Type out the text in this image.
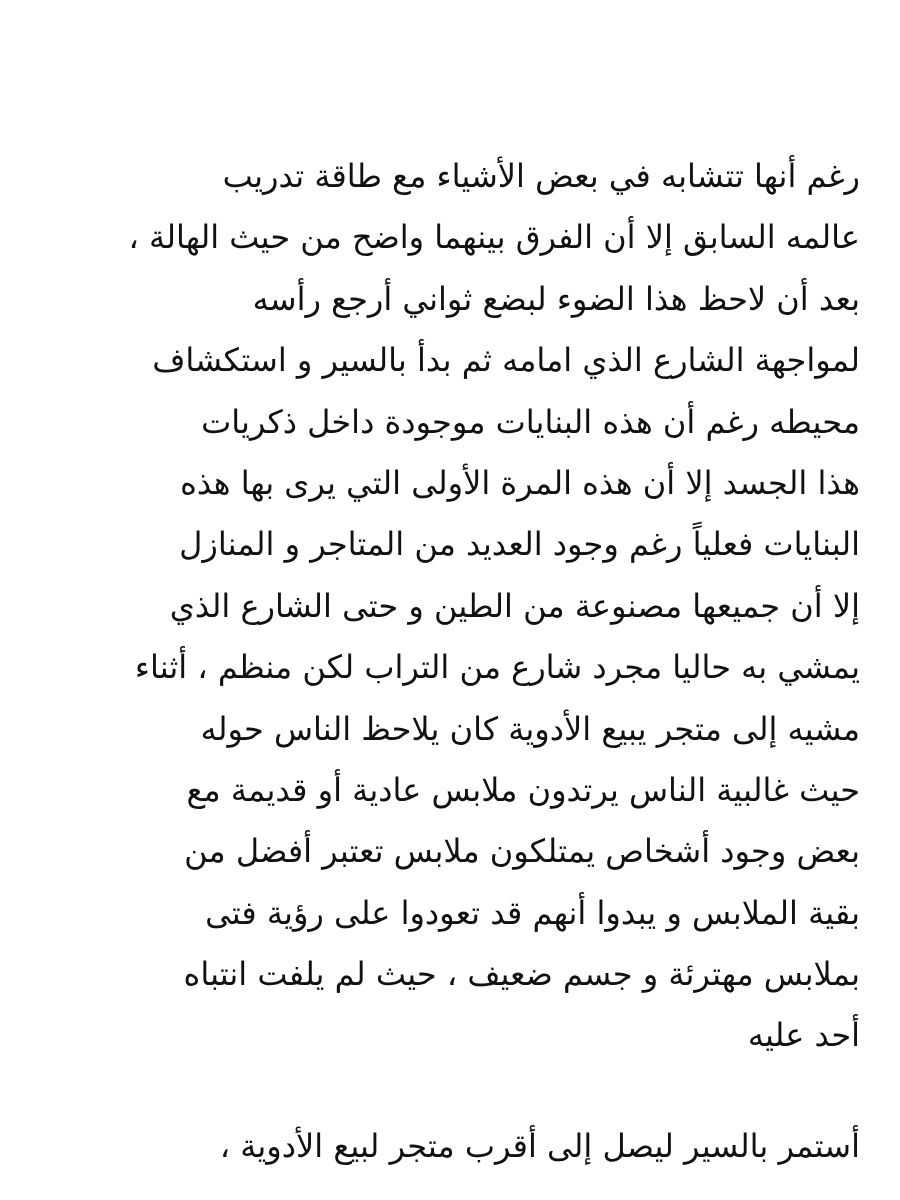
رغم أنها تتشابه في بعض الأشياء مع طاقة تدريب
عالمه السابق إلا أن الفرق بينهما واضح من حيث الهالة ،
بعد أن لاحظ هذا الضوء لبضع ثواني أرجع رأسه
لمواجهة الشارع الذي امامه ثم بدأ بالسير و استكشاف
محيطه رغم أن هذه البنايات موجودة داخل ذكريات
هذا الجسد إلا أن هذه المرة الأولى التي يرى بها هذه
البنايات فعلياً رغم وجود العديد من المتاجر و المنازل
إلا أن جميعها مصنوعة من الطين و حتى الشارع الذي
يمشي به حاليا مجرد شارع من التراب لكن منظم ، أثناء
مشيه إلى متجر يبيع الأدوية كان يلاحظ الناس حوله
حيث غالبية الناس يرتدون ملابس عادية أو قديمة مع
بعض وجود أشخاص يمتلكون ملابس تعتبر أفضل من
بقية الملابس و يبدوا أنهم قد تعودوا على رؤية فتى
بملابس مهترئة و جسم ضعيف ، حيث لم يلفت انتباه
أحد عليه
أستمر بالسير ليصل إلى أقرب متجر لبيع الأدوية ،
